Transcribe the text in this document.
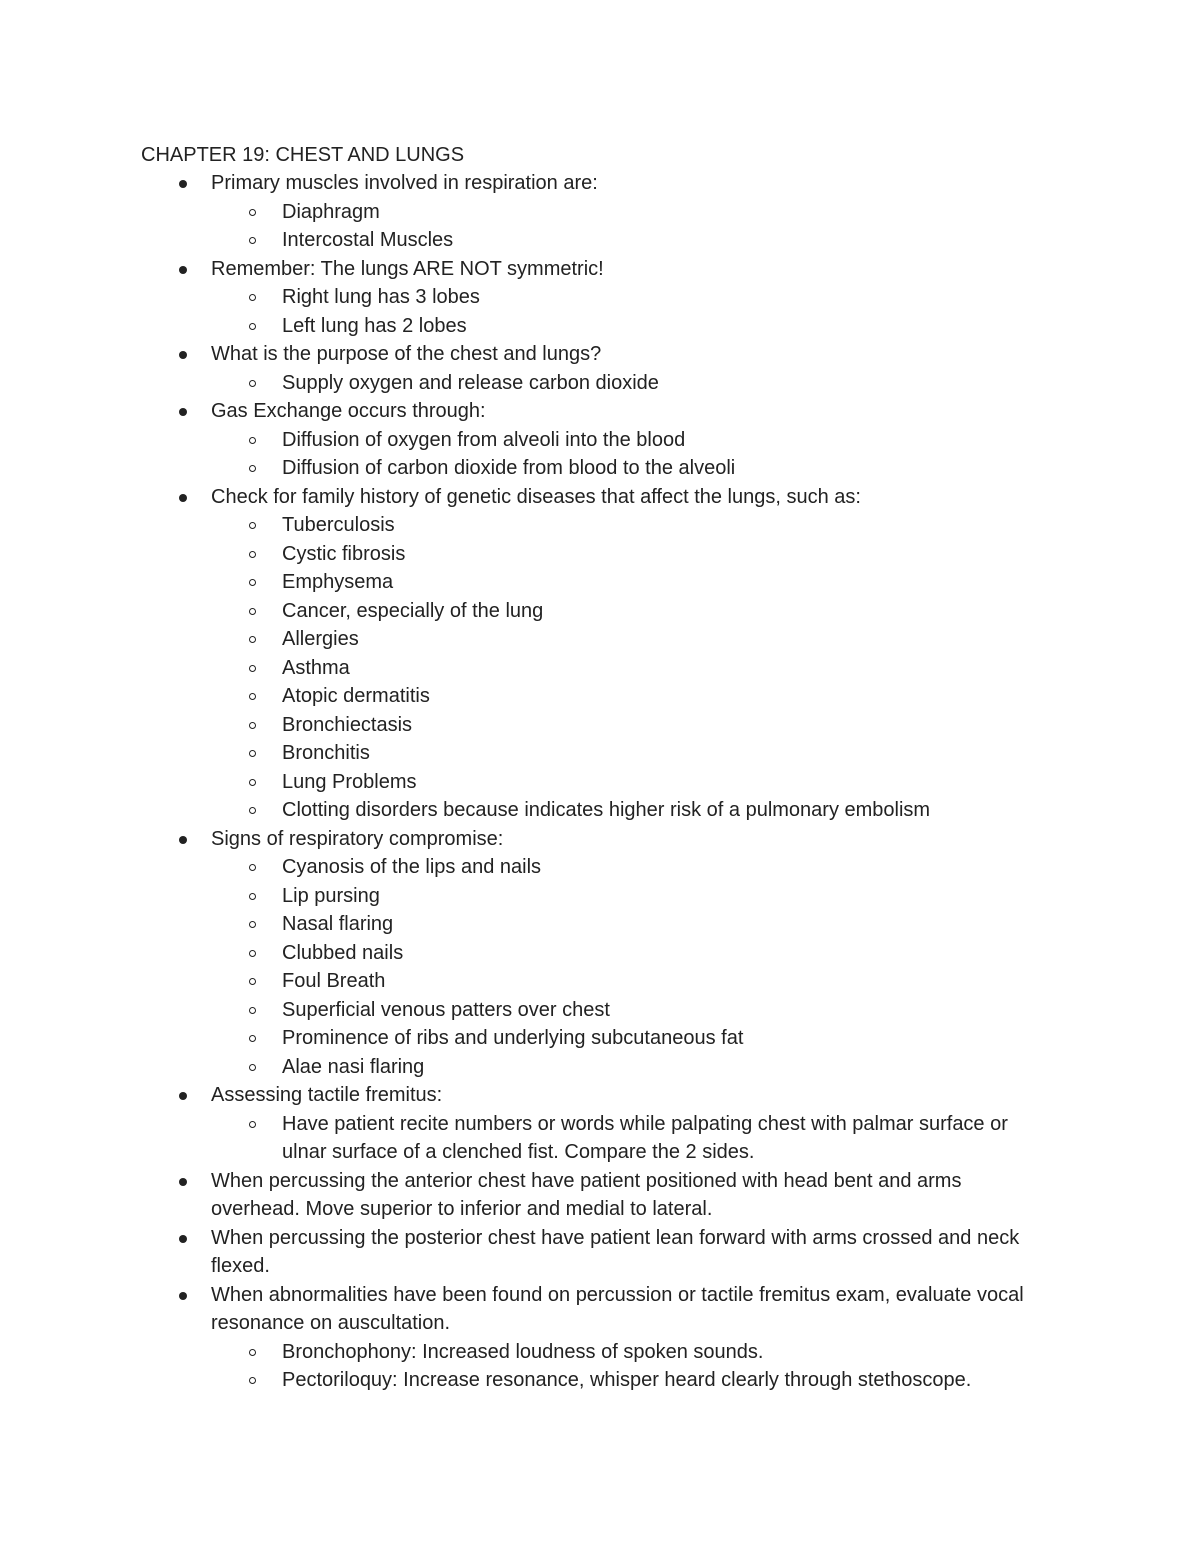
CHAPTER 19: CHEST AND LUNGS
Primary muscles involved in respiration are:
Diaphragm
Intercostal Muscles
Remember: The lungs ARE NOT symmetric!
Right lung has 3 lobes
Left lung has 2 lobes
What is the purpose of the chest and lungs?
Supply oxygen and release carbon dioxide
Gas Exchange occurs through:
Diffusion of oxygen from alveoli into the blood
Diffusion of carbon dioxide from blood to the alveoli
Check for family history of genetic diseases that affect the lungs, such as:
Tuberculosis
Cystic fibrosis
Emphysema
Cancer, especially of the lung
Allergies
Asthma
Atopic dermatitis
Bronchiectasis
Bronchitis
Lung Problems
Clotting disorders because indicates higher risk of a pulmonary embolism
Signs of respiratory compromise:
Cyanosis of the lips and nails
Lip pursing
Nasal flaring
Clubbed nails
Foul Breath
Superficial venous patters over chest
Prominence of ribs and underlying subcutaneous fat
Alae nasi flaring
Assessing tactile fremitus:
Have patient recite numbers or words while palpating chest with palmar surface or ulnar surface of a clenched fist. Compare the 2 sides.
When percussing the anterior chest have patient positioned with head bent and arms overhead. Move superior to inferior and medial to lateral.
When percussing the posterior chest have patient lean forward with arms crossed and neck flexed.
When abnormalities have been found on percussion or tactile fremitus exam, evaluate vocal resonance on auscultation.
Bronchophony: Increased loudness of spoken sounds.
Pectoriloquy: Increase resonance, whisper heard clearly through stethoscope.
